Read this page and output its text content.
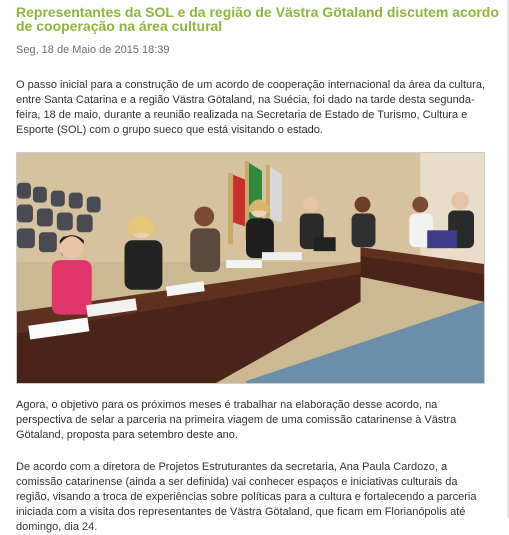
Representantes da SOL e da região de Västra Götaland discutem acordo de cooperação na área cultural
Seg, 18 de Maio de 2015 18:39

O passo inicial para a construção de um acordo de cooperação internacional da área da cultura, entre Santa Catarina e a região Västra Götaland, na Suécia, foi dado na tarde desta segunda-feira, 18 de maio, durante a reunião realizada na Secretaria de Estado de Turismo, Cultura e Esporte (SOL) com o grupo sueco que está visitando o estado.

Agora, o objetivo para os próximos meses é trabalhar na elaboração desse acordo, na perspectiva de selar a parceria na primeira viagem de uma comissão catarinense à Västra Götaland, proposta para setembro deste ano.

De acordo com a diretora de Projetos Estruturantes da secretaria, Ana Paula Cardozo, a comissão catarinense (ainda a ser definida) vai conhecer espaços e iniciativas culturais da região, visando a troca de experiências sobre políticas para a cultura e fortalecendo a parceria iniciada com a visita dos representantes de Västra Götaland, que ficam em Florianópolis até domingo, dia 24.
